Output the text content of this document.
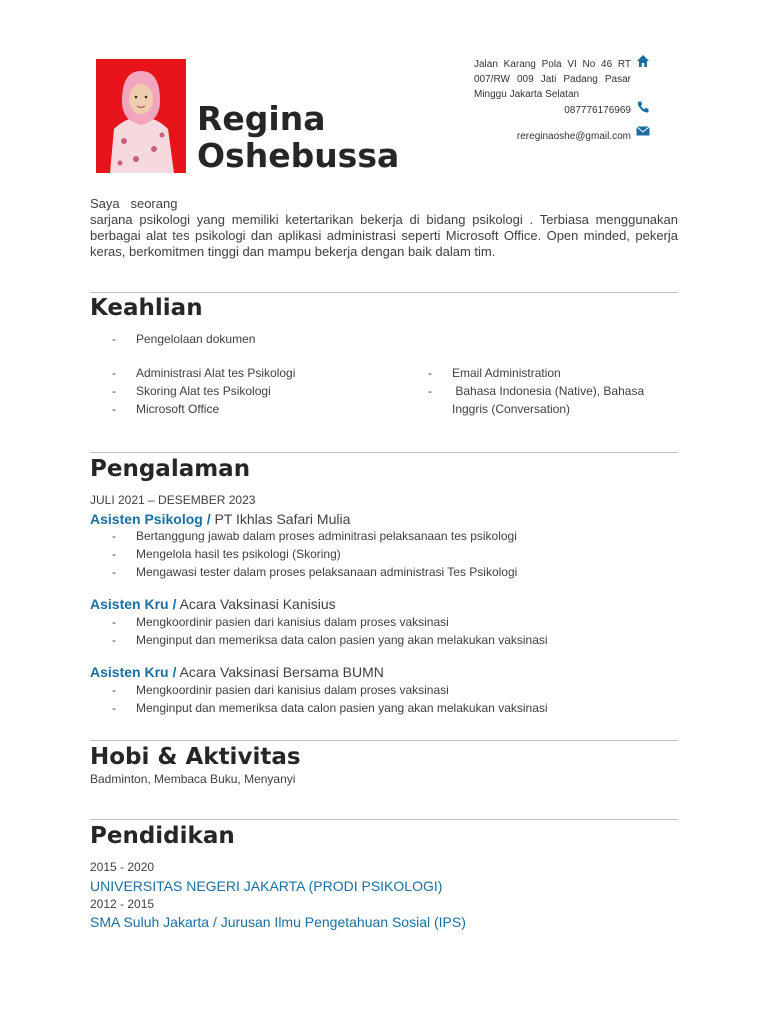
Regina
Oshebussa
Jalan Karang Pola VI No 46 RT 007/RW 009 Jati Padang Pasar Minggu Jakarta Selatan
087776176969
rereginaoshe@gmail.com
Saya   seorang
sarjana psikologi yang memiliki ketertarikan bekerja di bidang psikologi . Terbiasa menggunakan berbagai alat tes psikologi dan aplikasi administrasi seperti Microsoft Office. Open minded, pekerja keras, berkomitmen tinggi dan mampu bekerja dengan baik dalam tim.
Keahlian
- Pengelolaan dokumen
- Administrasi Alat tes Psikologi
- Skoring Alat tes Psikologi
- Microsoft Office
- Email Administration
-  Bahasa Indonesia (Native), Bahasa Inggris (Conversation)
Pengalaman
JULI 2021 – DESEMBER 2023
Asisten Psikolog / PT Ikhlas Safari Mulia
- Bertanggung jawab dalam proses adminitrasi pelaksanaan tes psikologi
- Mengelola hasil tes psikologi (Skoring)
- Mengawasi tester dalam proses pelaksanaan administrasi Tes Psikologi
Asisten Kru / Acara Vaksinasi Kanisius
- Mengkoordinir pasien dari kanisius dalam proses vaksinasi
- Menginput dan memeriksa data calon pasien yang akan melakukan vaksinasi
Asisten Kru / Acara Vaksinasi Bersama BUMN
- Mengkoordinir pasien dari kanisius dalam proses vaksinasi
- Menginput dan memeriksa data calon pasien yang akan melakukan vaksinasi
Hobi & Aktivitas
Badminton, Membaca Buku, Menyanyi
Pendidikan
2015 - 2020
UNIVERSITAS NEGERI JAKARTA (PRODI PSIKOLOGI)
2012 - 2015
SMA Suluh Jakarta / Jurusan Ilmu Pengetahuan Sosial (IPS)
